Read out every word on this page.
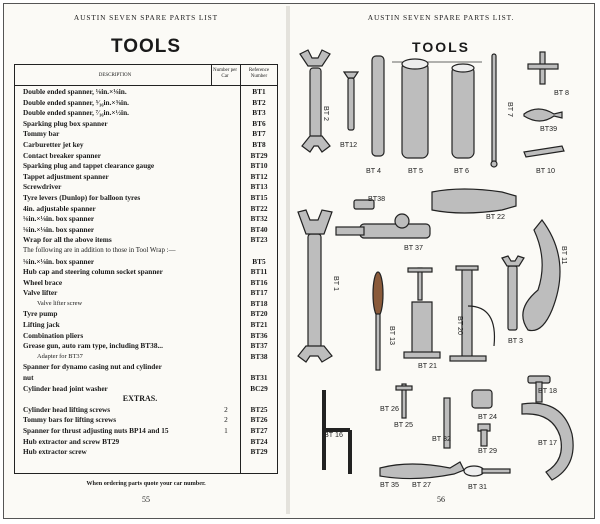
AUSTIN SEVEN SPARE PARTS LIST
TOOLS
DESCRIPTION
Number per Car
Reference Number
Double ended spanner, ⅛in.×⅛in.	BT1
Double ended spanner, ⁵⁄₁₆in.×⅜in.	BT2
Double ended spanner, ⁷⁄₁₆in.×½in.	BT3
Sparking plug box spanner	BT6
Tommy bar	BT7
Carburetter jet key	BT8
Contact breaker spanner	BT29
Sparking plug and tappet clearance gauge	BT10
Tappet adjustment spanner	BT12
Screwdriver	BT13
Tyre levers (Dunlop) for balloon tyres	BT15
4in. adjustable spanner	BT22
⅛in.×⅛in. box spanner	BT32
⅛in.×⅛in. box spanner	BT40
Wrap for all the above items	BT23
The following are in addition to those in Tool Wrap :—
⅛in.×⅛in. box spanner	BT5
Hub cap and steering column socket spanner	BT11
Wheel brace	BT16
Valve lifter	BT17
Valve lifter screw	BT18
Tyre pump	BT20
Lifting jack	BT21
Combination pliers	BT36
Grease gun, auto ram type, including BT38...	BT37
Adapter for BT37	BT38
Spanner for dynamo casing nut and cylinder
nut	BT31
Cylinder head joint washer	BC29
EXTRAS.
Cylinder head lifting screws	2	BT25
Tommy bars for lifting screws	2	BT26
Spanner for thrust adjusting nuts BP14 and 15	1	BT27
Hub extractor and screw BT29	BT24
Hub extractor screw	BT29
When ordering parts quote your car number.
55
AUSTIN SEVEN SPARE PARTS LIST.
TOOLS
BT 2
BT12
BT 4	BT 5	BT 6
BT 7
BT 8
BT39
BT 10
BT38
BT 22
BT 37
BT 1
BT 11
BT 13
BT 20
BT 21
BT 3
BT 18
BT 16
BT 26
BT 25
BT 32
BT 24
BT 29
BT 17
BT 35 BT 27	BT 31
56
